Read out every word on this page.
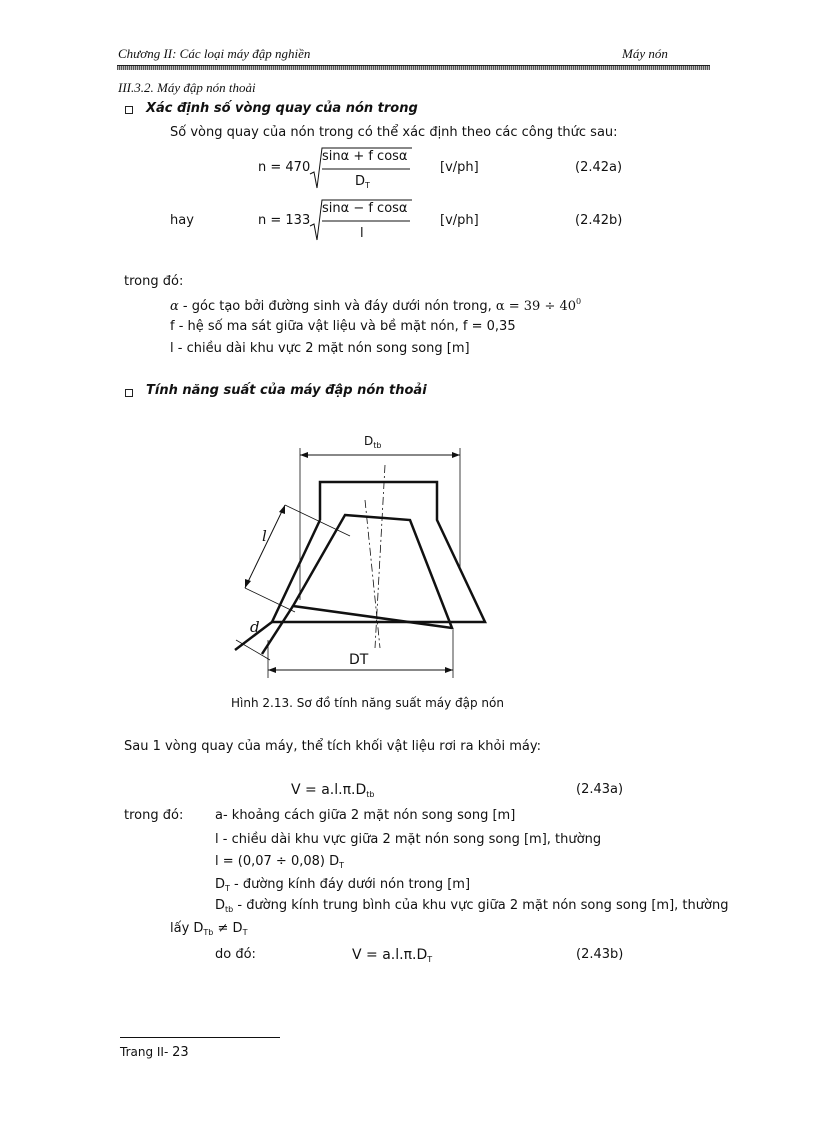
Chương II: Các loại máy đập nghiền	Máy nón
III.3.2. Máy đập nón thoải
Xác định số vòng quay của nón trong
Số vòng quay của nón trong có thể xác định theo các công thức sau:
n = 470
sinα + f cosα
$D_T$
[v/ph]	(2.42a)
hay	n = 133
sinα − f cosα
l
[v/ph]	(2.42b)
trong đó:
α - góc tạo bởi đường sinh và đáy dưới nón trong, $\alpha = 39 \div 40^0$
f - hệ số ma sát giữa vật liệu và bề mặt nón, f = 0,35
l - chiều dài khu vực 2 mặt nón song song [m]
Tính năng suất của máy đập nón thoải
$D_{tb}$
l
d
DT
Hình 2.13. Sơ đồ tính năng suất máy đập nón
Sau 1 vòng quay của máy, thể tích khối vật liệu rơi ra khỏi máy:
$V = a.l.\pi.D_{tb}$	(2.43a)
trong đó: a- khoảng cách giữa 2 mặt nón song song [m]
l - chiều dài khu vực giữa 2 mặt nón song song [m], thường
l = (0,07 ÷ 0,08) $D_T$
$D_T$ - đường kính đáy dưới nón trong [m]
$D_{tb}$ - đường kính trung bình của khu vực giữa 2 mặt nón song song [m], thường
lấy $D_{Tb} \ne D_T$
do đó:	$V = a.l.\pi.D_T$	(2.43b)
Trang II- 23
